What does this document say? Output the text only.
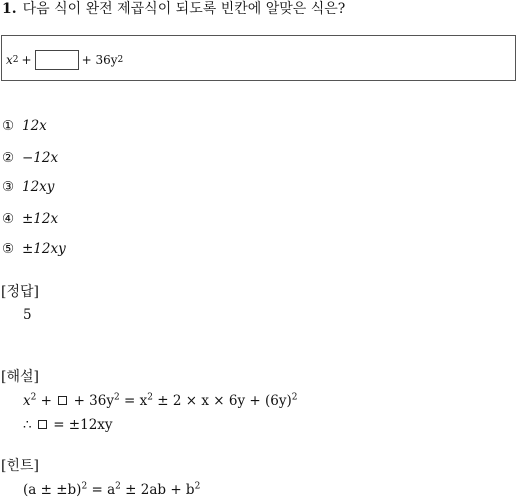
1. 다음 식이 완전 제곱식이 되도록 빈칸에 알맞은 식은?
x 2 +	+ 36y 2
① 12x
② −12x
③ 12xy
④ ±12x
⑤ ±12xy
[정답]
5
[해설]
$x^2$ + + $36y^2 = x^2 \pm 2 \times x \times 6y + (6y)^2$
∴ = ±12xy
[힌트]
$(a \pm \pm b)^2 = a^2 \pm 2ab + b^2$
